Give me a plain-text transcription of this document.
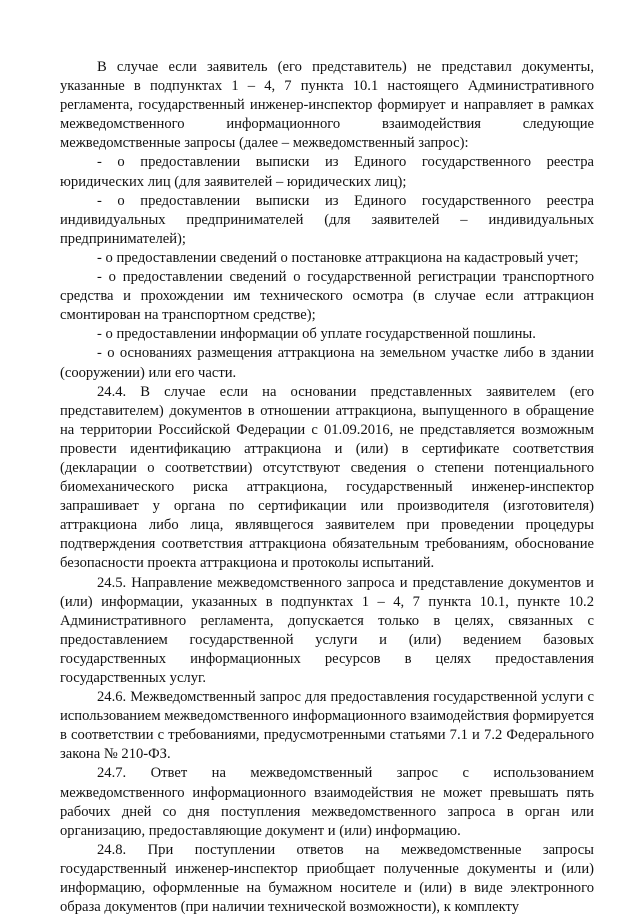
В случае если заявитель (его представитель) не представил документы, указанные в подпунктах 1 – 4, 7 пункта 10.1 настоящего Административного регламента, государственный инженер-инспектор формирует и направляет в рамках межведомственного информационного взаимодействия следующие межведомственные запросы (далее – межведомственный запрос):

- о предоставлении выписки из Единого государственного реестра юридических лиц (для заявителей – юридических лиц);

- о предоставлении выписки из Единого государственного реестра индивидуальных предпринимателей (для заявителей – индивидуальных предпринимателей);

- о предоставлении сведений о постановке аттракциона на кадастровый учет;

- о предоставлении сведений о государственной регистрации транспортного средства и прохождении им технического осмотра (в случае если аттракцион смонтирован на транспортном средстве);

- о предоставлении информации об уплате государственной пошлины.

- о основаниях размещения аттракциона на земельном участке либо в здании (сооружении) или его части.

24.4. В случае если на основании представленных заявителем (его представителем) документов в отношении аттракциона, выпущенного в обращение на территории Российской Федерации с 01.09.2016, не представляется возможным провести идентификацию аттракциона и (или) в сертификате соответствия (декларации о соответствии) отсутствуют сведения о степени потенциального биомеханического риска аттракциона, государственный инженер-инспектор запрашивает у органа по сертификации или производителя (изготовителя) аттракциона либо лица, являвщегося заявителем при проведении процедуры подтверждения соответствия аттракциона обязательным требованиям, обоснование безопасности проекта аттракциона и протоколы испытаний.

24.5. Направление межведомственного запроса и представление документов и (или) информации, указанных в подпунктах 1 – 4, 7 пункта 10.1, пункте 10.2 Административного регламента, допускается только в целях, связанных с предоставлением государственной услуги и (или) ведением базовых государственных информационных ресурсов в целях предоставления государственных услуг.

24.6. Межведомственный запрос для предоставления государственной услуги с использованием межведомственного информационного взаимодействия формируется в соответствии с требованиями, предусмотренными статьями 7.1 и 7.2 Федерального закона № 210-ФЗ.

24.7. Ответ на межведомственный запрос с использованием межведомственного информационного взаимодействия не может превышать пять рабочих дней со дня поступления межведомственного запроса в орган или организацию, предоставляющие документ и (или) информацию.

24.8. При поступлении ответов на межведомственные запросы государственный инженер-инспектор приобщает полученные документы и (или) информацию, оформленные на бумажном носителе и (или) в виде электронного образа документов (при наличии технической возможности), к комплекту
